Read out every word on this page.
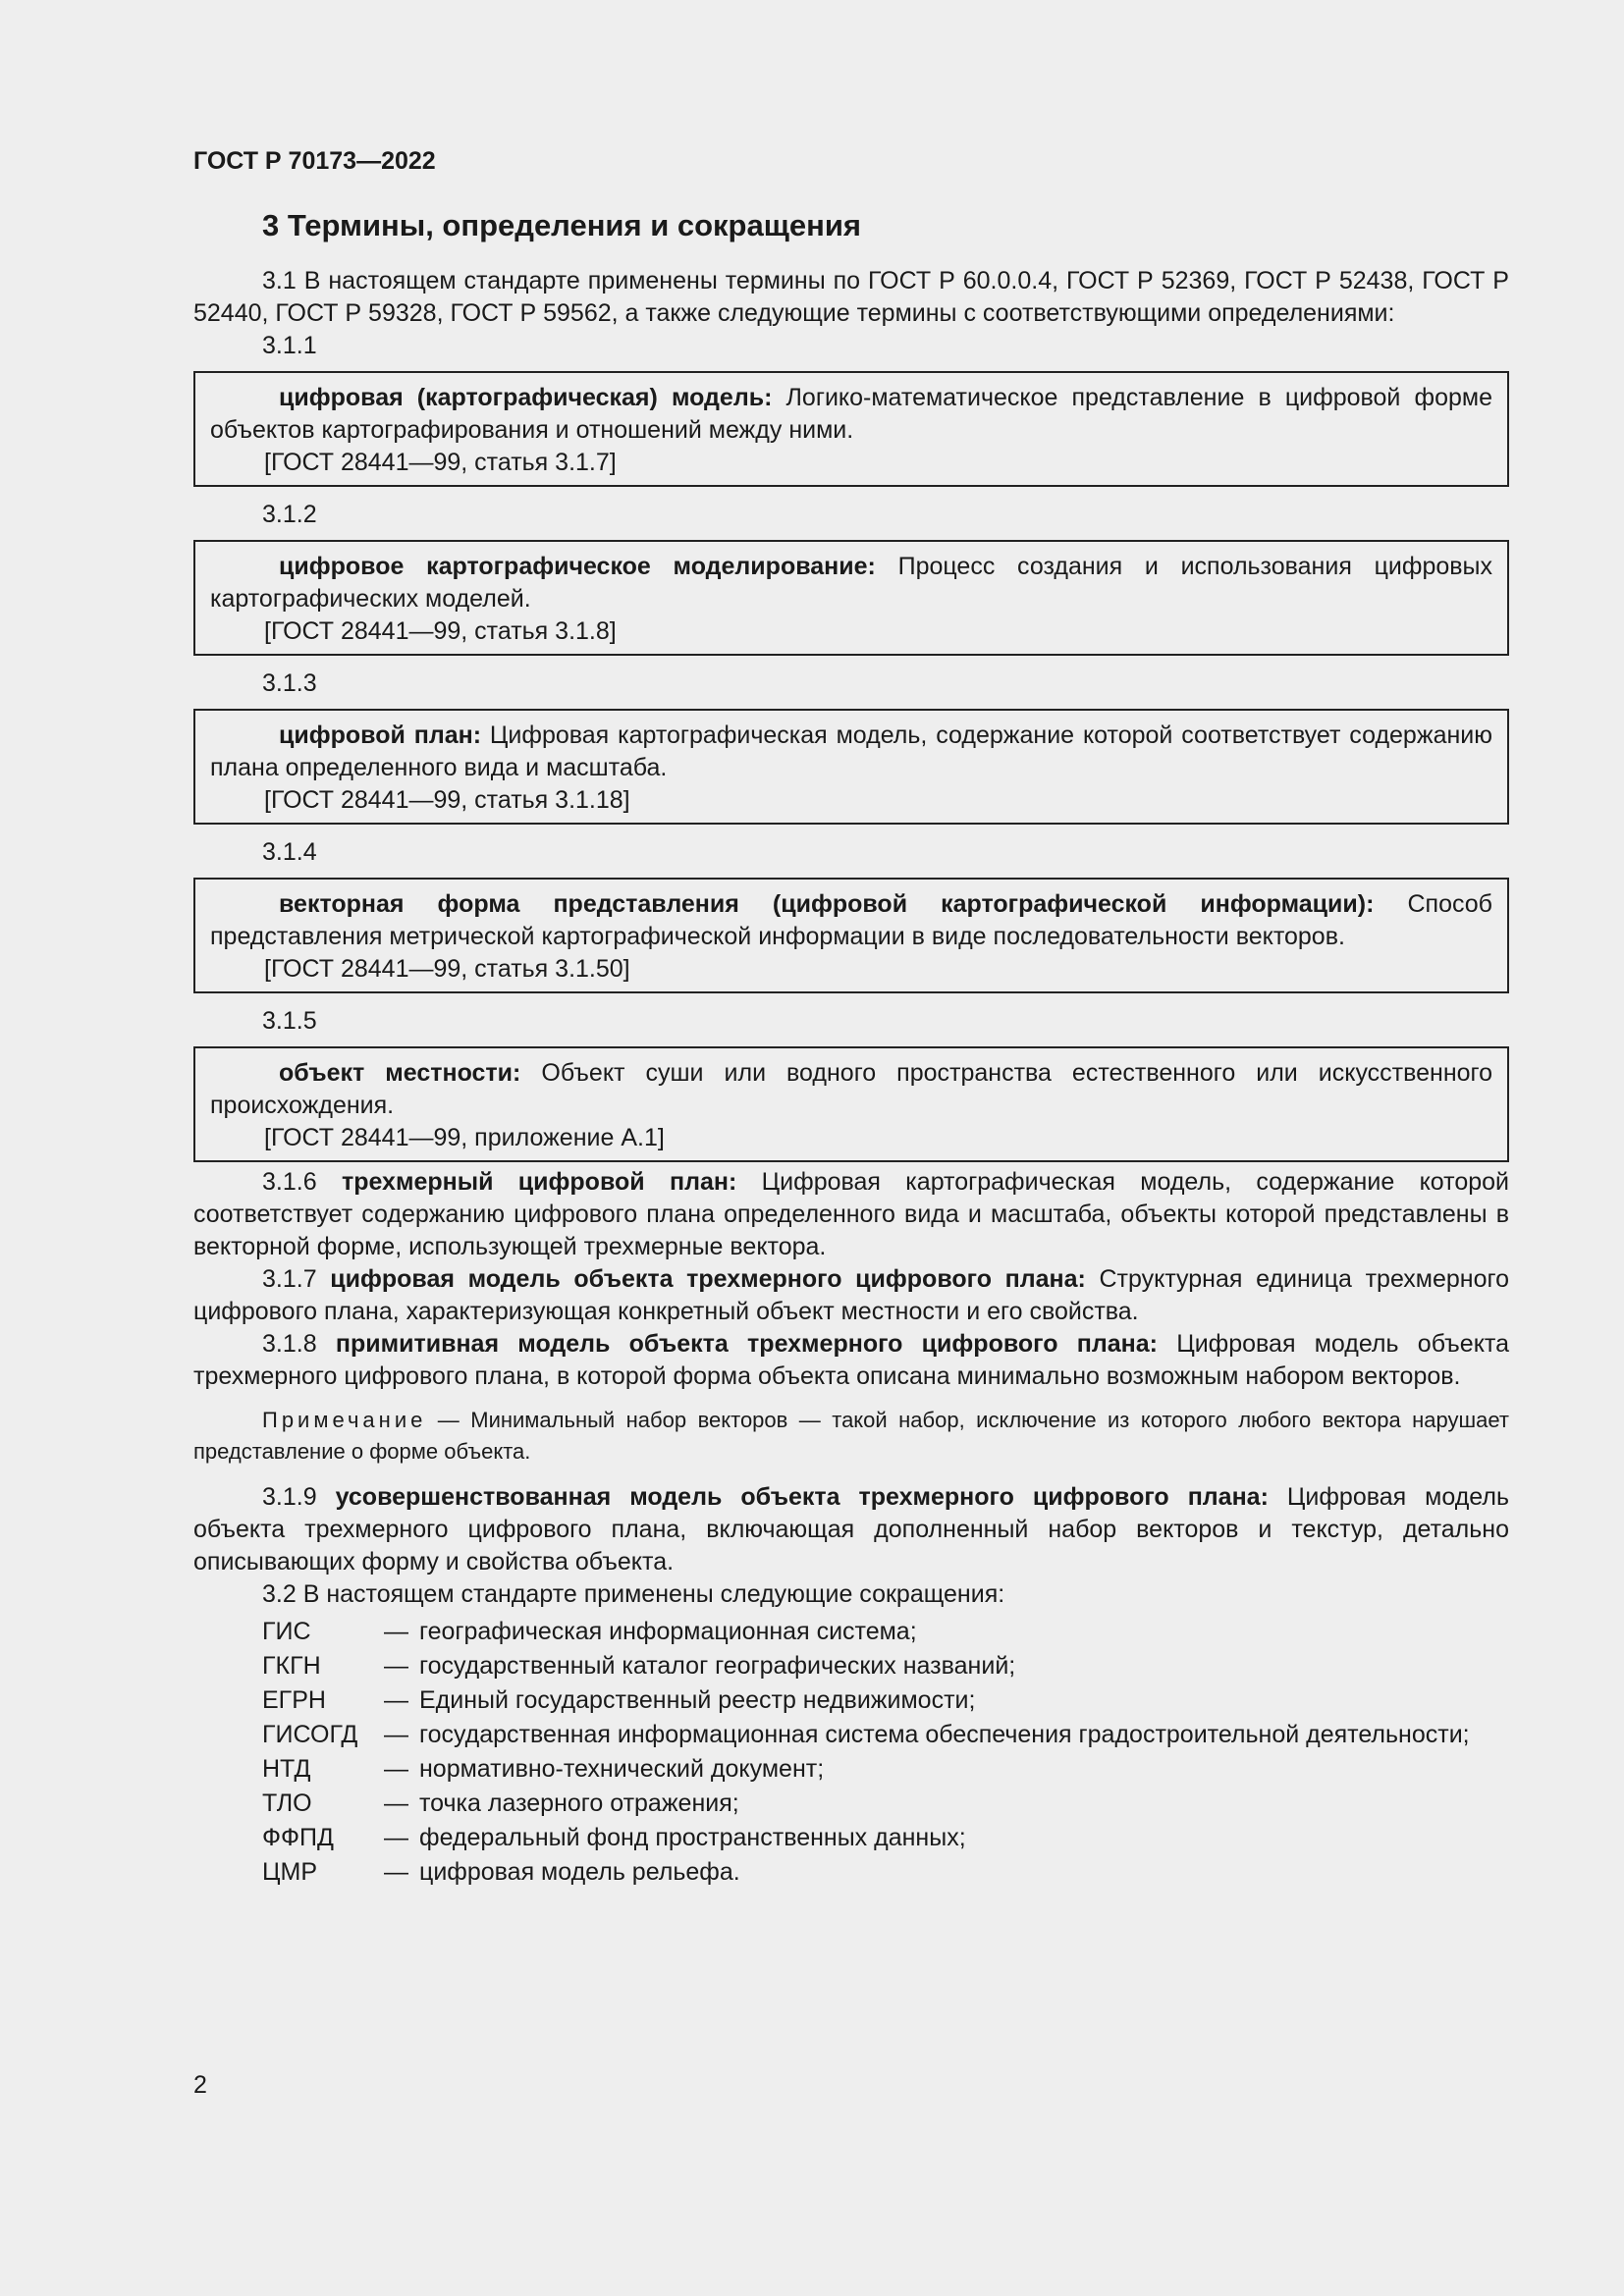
ГОСТ Р 70173—2022
3 Термины, определения и сокращения

3.1 В настоящем стандарте применены термины по ГОСТ Р 60.0.0.4, ГОСТ Р 52369, ГОСТ Р 52438, ГОСТ Р 52440, ГОСТ Р 59328, ГОСТ Р 59562, а также следующие термины с соответствующими определениями:

3.1.1

цифровая (картографическая) модель: Логико-математическое представление в цифровой форме объектов картографирования и отношений между ними.

[ГОСТ 28441—99, статья 3.1.7]

3.1.2

цифровое картографическое моделирование: Процесс создания и использования цифровых картографических моделей.

[ГОСТ 28441—99, статья 3.1.8]

3.1.3

цифровой план: Цифровая картографическая модель, содержание которой соответствует содержанию плана определенного вида и масштаба.

[ГОСТ 28441—99, статья 3.1.18]

3.1.4

векторная форма представления (цифровой картографической информации): Способ представления метрической картографической информации в виде последовательности векторов.

[ГОСТ 28441—99, статья 3.1.50]

3.1.5

объект местности: Объект суши или водного пространства естественного или искусственного происхождения.

[ГОСТ 28441—99, приложение А.1]

3.1.6 трехмерный цифровой план: Цифровая картографическая модель, содержание которой соответствует содержанию цифрового плана определенного вида и масштаба, объекты которой представлены в векторной форме, использующей трехмерные вектора.

3.1.7 цифровая модель объекта трехмерного цифрового плана: Структурная единица трехмерного цифрового плана, характеризующая конкретный объект местности и его свойства.

3.1.8 примитивная модель объекта трехмерного цифрового плана: Цифровая модель объекта трехмерного цифрового плана, в которой форма объекта описана минимально возможным набором векторов.

Примечание — Минимальный набор векторов — такой набор, исключение из которого любого вектора нарушает представление о форме объекта.

3.1.9 усовершенствованная модель объекта трехмерного цифрового плана: Цифровая модель объекта трехмерного цифрового плана, включающая дополненный набор векторов и текстур, детально описывающих форму и свойства объекта.

3.2 В настоящем стандарте применены следующие сокращения:

ГИС	— географическая информационная система;
ГКГН	— государственный каталог географических названий;
ЕГРН	— Единый государственный реестр недвижимости;
ГИСОГД	— государственная информационная система обеспечения градостроительной деятельности;
НТД	— нормативно-технический документ;
ТЛО	— точка лазерного отражения;
ФФПД	— федеральный фонд пространственных данных;
ЦМР	— цифровая модель рельефа.
2
